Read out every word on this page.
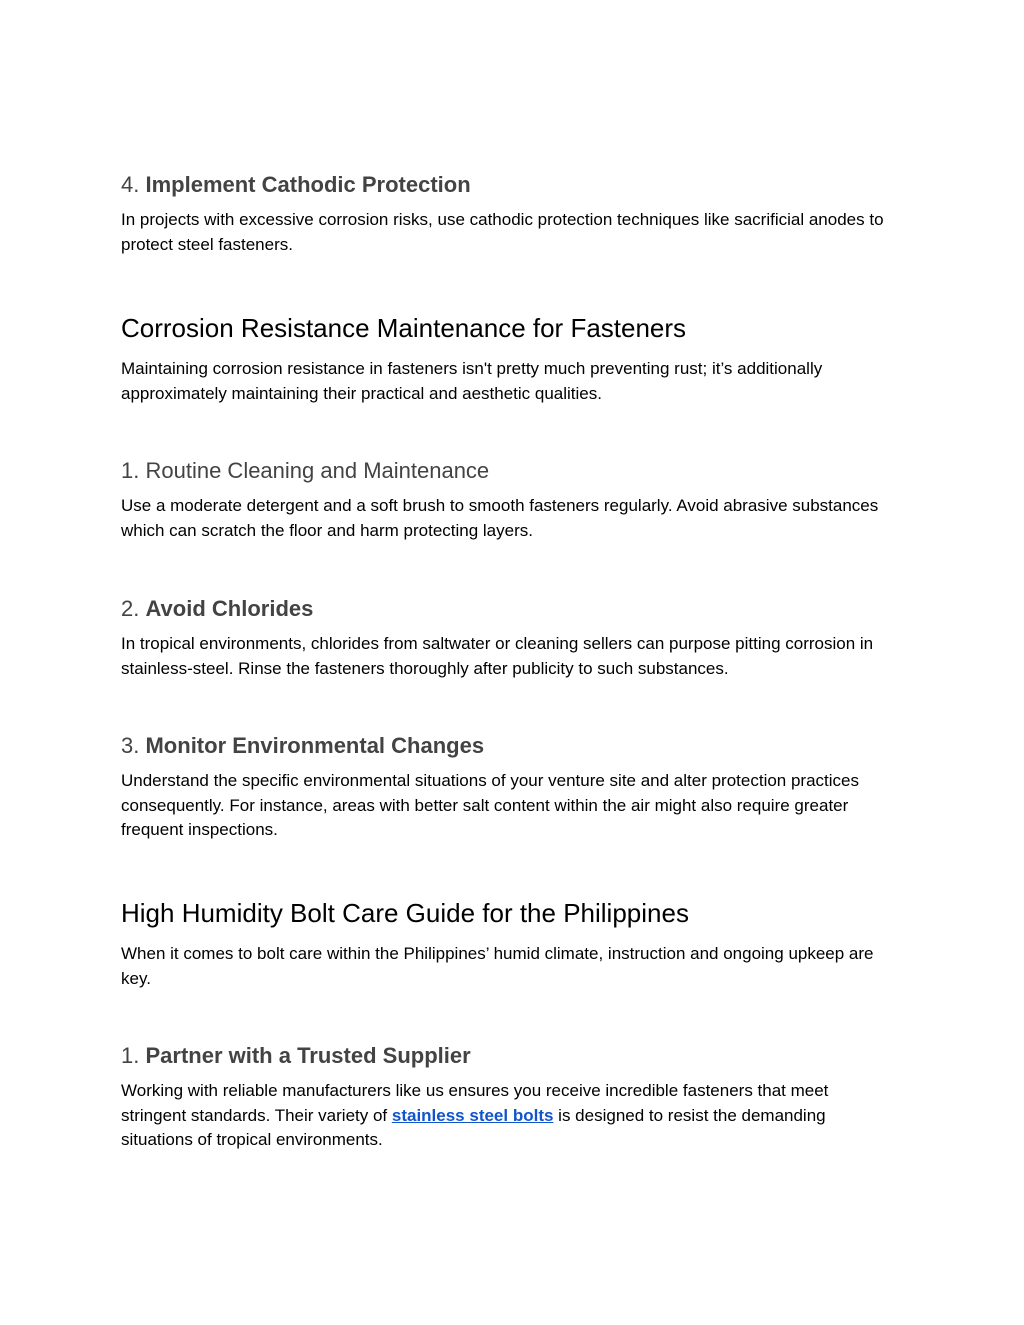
4. Implement Cathodic Protection
In projects with excessive corrosion risks, use cathodic protection techniques like sacrificial anodes to protect steel fasteners.
Corrosion Resistance Maintenance for Fasteners
Maintaining corrosion resistance in fasteners isn't pretty much preventing rust; it’s additionally approximately maintaining their practical and aesthetic qualities.
1. Routine Cleaning and Maintenance
Use a moderate detergent and a soft brush to smooth fasteners regularly. Avoid abrasive substances which can scratch the floor and harm protecting layers.
2. Avoid Chlorides
In tropical environments, chlorides from saltwater or cleaning sellers can purpose pitting corrosion in stainless-steel. Rinse the fasteners thoroughly after publicity to such substances.
3. Monitor Environmental Changes
Understand the specific environmental situations of your venture site and alter protection practices consequently. For instance, areas with better salt content within the air might also require greater frequent inspections.
High Humidity Bolt Care Guide for the Philippines
When it comes to bolt care within the Philippines’ humid climate, instruction and ongoing upkeep are key.
1. Partner with a Trusted Supplier
Working with reliable manufacturers like us ensures you receive incredible fasteners that meet stringent standards. Their variety of stainless steel bolts is designed to resist the demanding situations of tropical environments.
